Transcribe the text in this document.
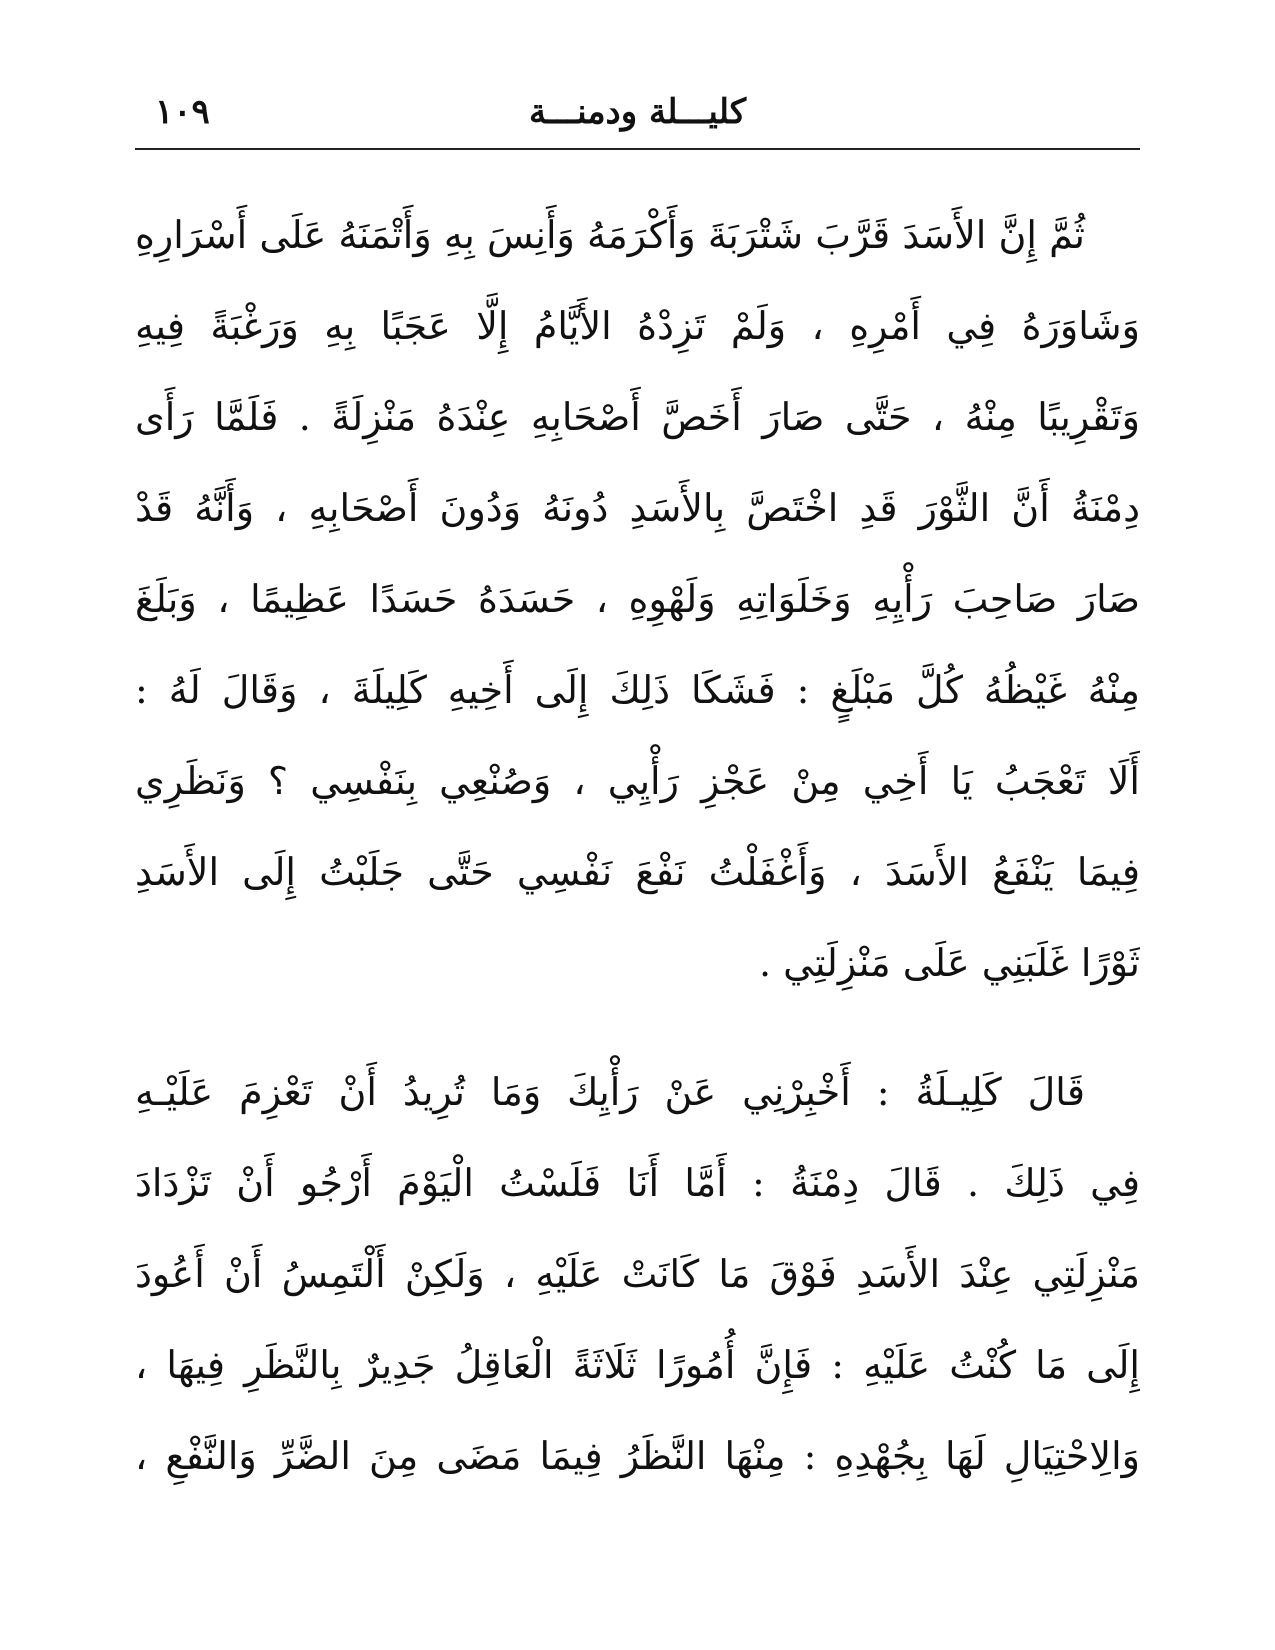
كليـــلة ودمنـــة
١٠٩
ثُمَّ إِنَّ الأَسَدَ قَرَّبَ شَتْرَبَةَ وَأَكْرَمَهُ وَأَنِسَ بِهِ وَأَتْمَنَهُ عَلَى أَسْرَارِهِ
وَشَاوَرَهُ فِي أَمْرِهِ ، وَلَمْ تَزِدْهُ الأَيَّامُ إِلَّا عَجَبًا بِهِ وَرَغْبَةً فِيهِ
وَتَقْرِيبًا مِنْهُ ، حَتَّى صَارَ أَخَصَّ أَصْحَابِهِ عِنْدَهُ مَنْزِلَةً . فَلَمَّا رَأَى
دِمْنَةُ أَنَّ الثَّوْرَ قَدِ اخْتَصَّ بِالأَسَدِ دُونَهُ وَدُونَ أَصْحَابِهِ ، وَأَنَّهُ قَدْ
صَارَ صَاحِبَ رَأْيِهِ وَخَلَوَاتِهِ وَلَهْوِهِ ، حَسَدَهُ حَسَدًا عَظِيمًا ، وَبَلَغَ
مِنْهُ غَيْظُهُ كُلَّ مَبْلَغٍ : فَشَكَا ذَلِكَ إِلَى أَخِيهِ كَلِيلَةَ ، وَقَالَ لَهُ :
أَلَا تَعْجَبُ يَا أَخِي مِنْ عَجْزِ رَأْيِي ، وَصُنْعِي بِنَفْسِي ؟ وَنَظَرِي
فِيمَا يَنْفَعُ الأَسَدَ ، وَأَغْفَلْتُ نَفْعَ نَفْسِي حَتَّى جَلَبْتُ إِلَى الأَسَدِ
ثَوْرًا غَلَبَنِي عَلَى مَنْزِلَتِي .
قَالَ كَلِيـلَةُ : أَخْبِرْنِي عَنْ رَأْيِكَ وَمَا تُرِيدُ أَنْ تَعْزِمَ عَلَيْـهِ
فِي ذَلِكَ . قَالَ دِمْنَةُ : أَمَّا أَنَا فَلَسْتُ الْيَوْمَ أَرْجُو أَنْ تَزْدَادَ
مَنْزِلَتِي عِنْدَ الأَسَدِ فَوْقَ مَا كَانَتْ عَلَيْهِ ، وَلَكِنْ أَلْتَمِسُ أَنْ أَعُودَ
إِلَى مَا كُنْتُ عَلَيْهِ : فَإِنَّ أُمُورًا ثَلَاثَةً الْعَاقِلُ جَدِيرٌ بِالنَّظَرِ فِيهَا ،
وَالِاحْتِيَالِ لَهَا بِجُهْدِهِ : مِنْهَا النَّظَرُ فِيمَا مَضَى مِنَ الضَّرِّ وَالنَّفْعِ ،
